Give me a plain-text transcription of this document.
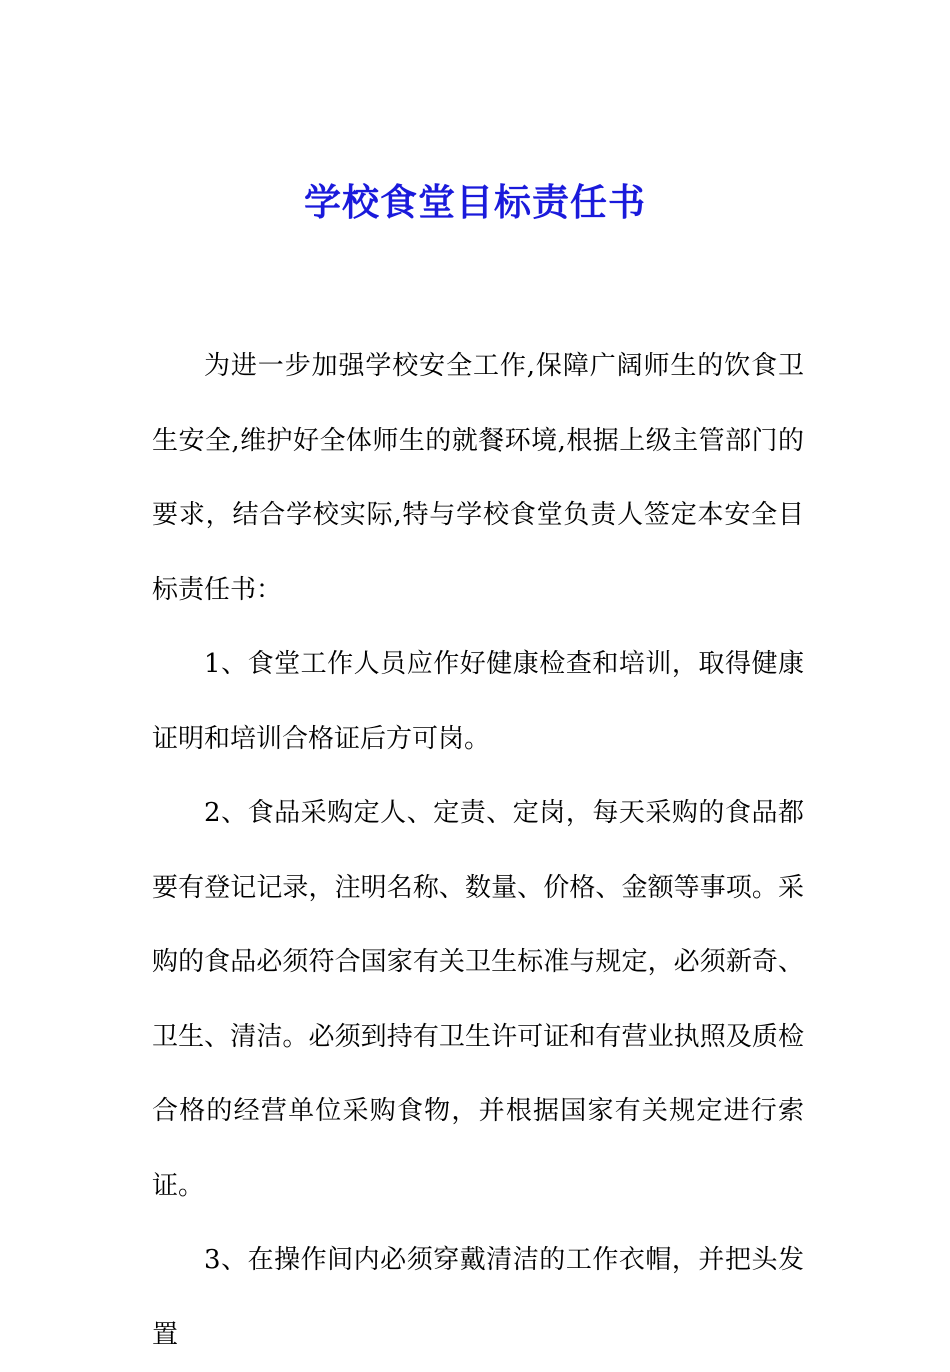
学校食堂目标责任书

为进一步加强学校安全工作,保障广阔师生的饮食卫生安全,维护好全体师生的就餐环境,根据上级主管部门的要求，结合学校实际,特与学校食堂负责人签定本安全目标责任书：

1、食堂工作人员应作好健康检查和培训，取得健康证明和培训合格证后方可岗。

2、食品采购定人、定责、定岗，每天采购的食品都要有登记记录，注明名称、数量、价格、金额等事项。采购的食品必须符合国家有关卫生标准与规定，必须新奇、卫生、清洁。必须到持有卫生许可证和有营业执照及质检合格的经营单位采购食物，并根据国家有关规定进行索证。

3、在操作间内必须穿戴清洁的工作衣帽，并把头发置
